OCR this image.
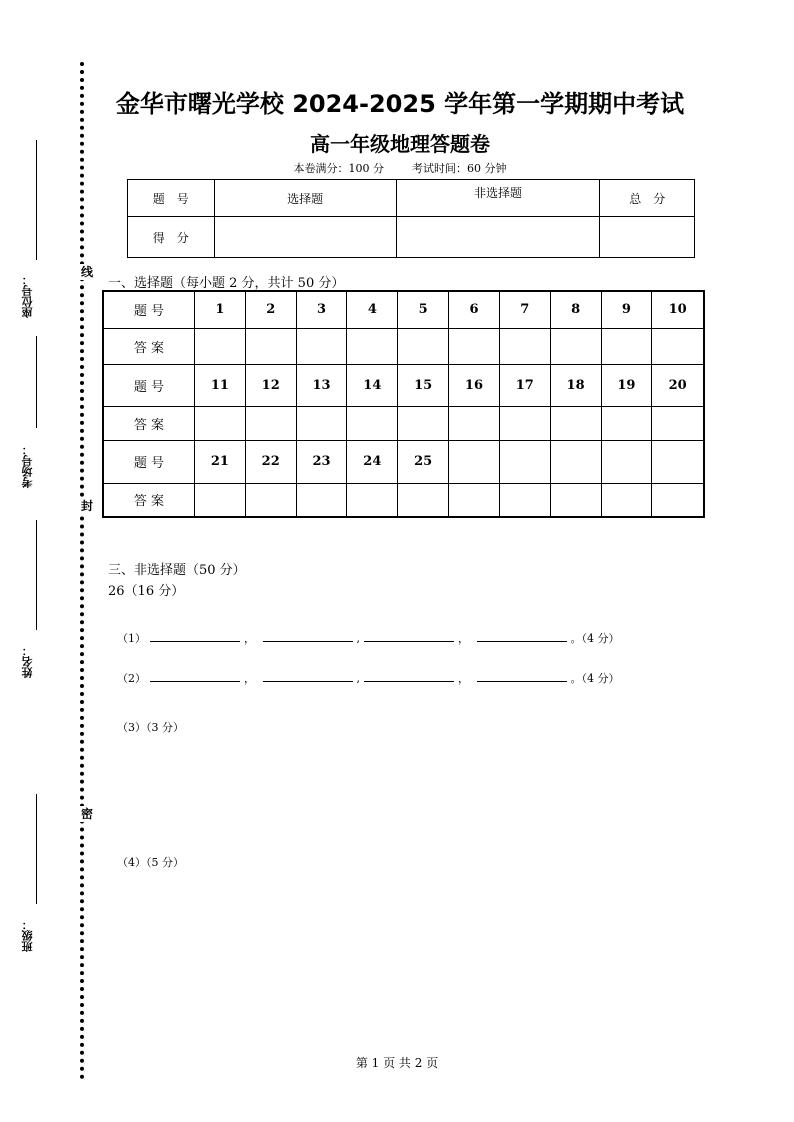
线
封
密
座位号：
考场号：
姓名：
班级：
金华市曙光学校 2024-2025 学年第一学期期中考试
高一年级地理答题卷
本卷满分：100 分	考试时间：60 分钟
题　号	选择题	非选择题	总　分
得　分			
一、选择题（每小题 2 分，共计 50 分）
题 号	1	2	3	4	5	6	7	8	9	10
答 案										
题 号	11	12	13	14	15	16	17	18	19	20
答 案										
题 号	21	22	23	24	25					
答 案										
三、非选择题（50 分）
26（16 分）
（1）	，	,	，	。（4 分）
（2）	，	,	，	。（4 分）
（3）（3 分）
（4）（5 分）
第 1 页 共 2 页
